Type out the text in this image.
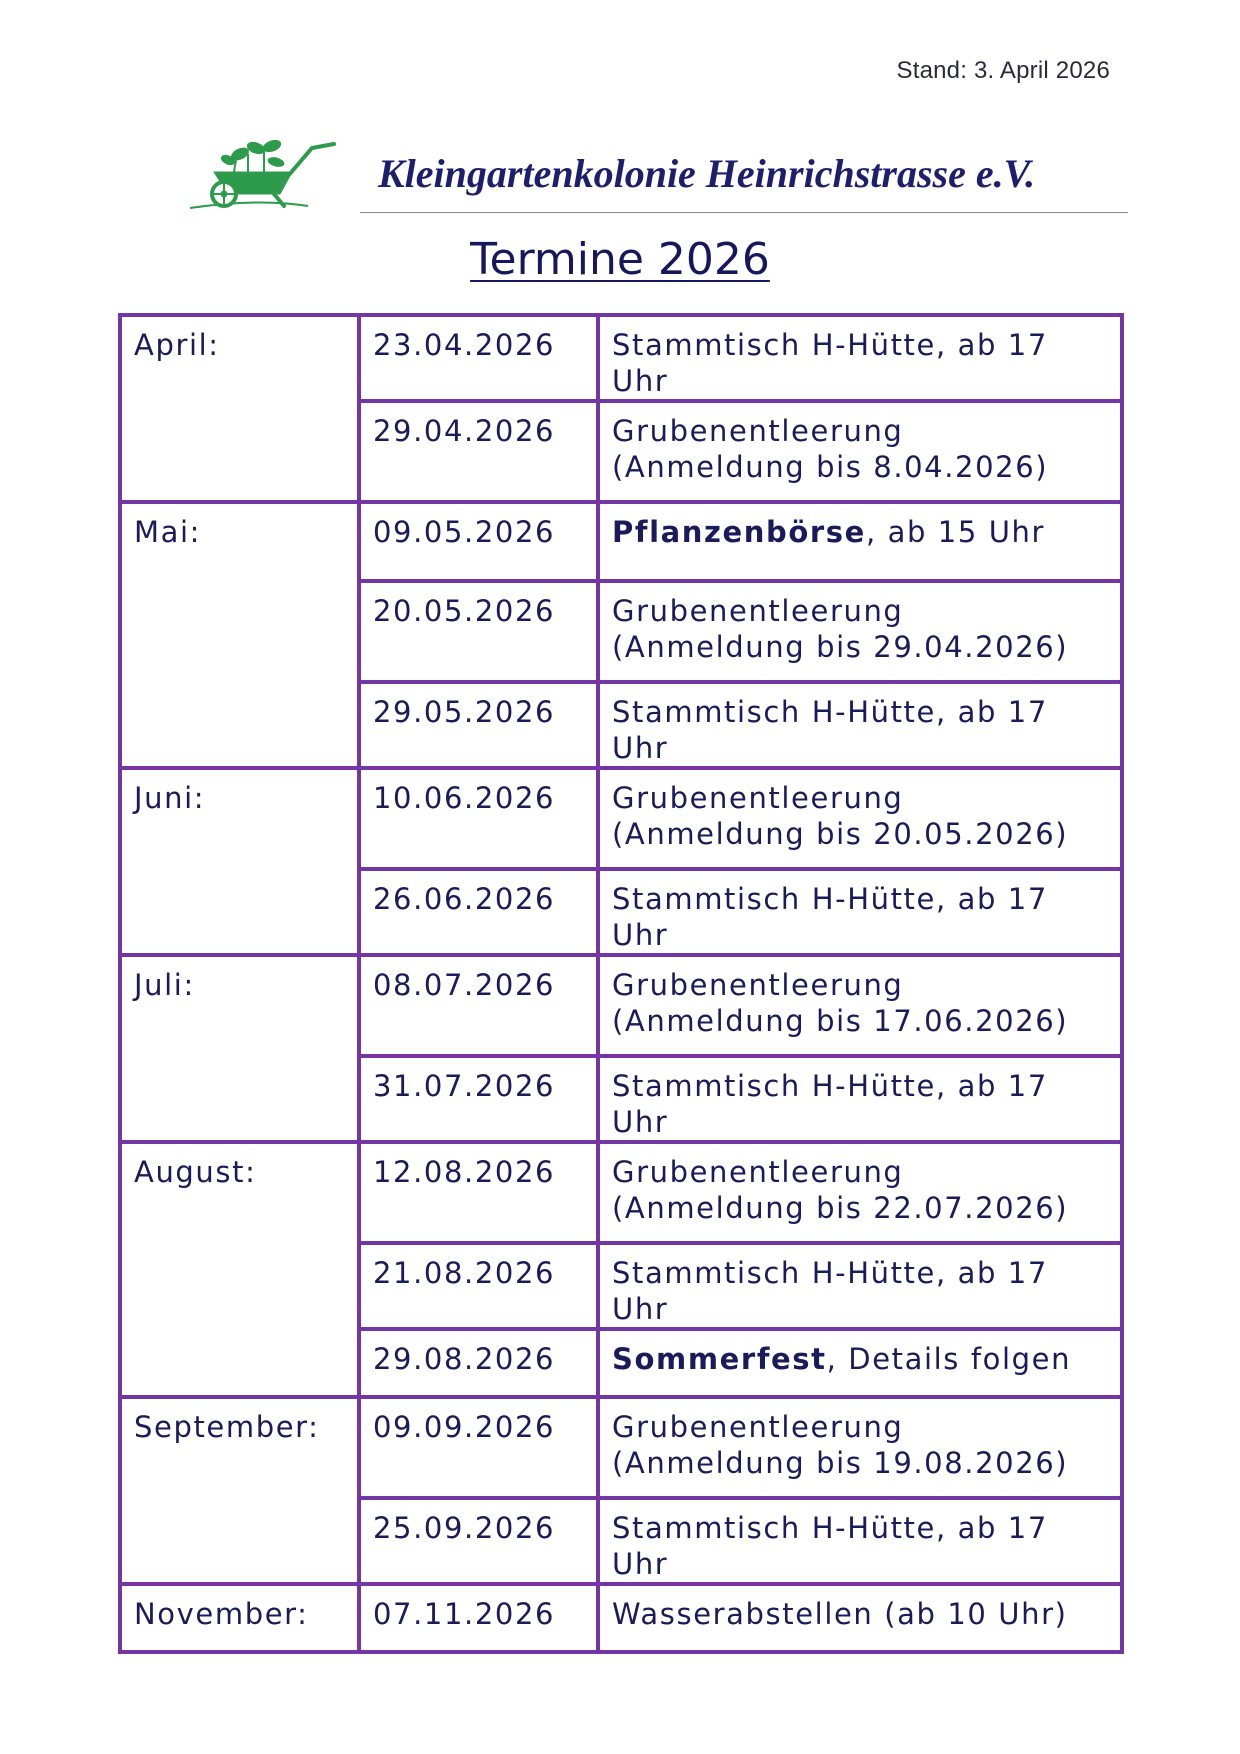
Stand: 3. April 2026
Kleingartenkolonie Heinrichstrasse e.V.
Termine 2026
April:	23.04.2026	Stammtisch H-Hütte, ab 17 Uhr
	29.04.2026	Grubenentleerung
(Anmeldung bis 8.04.2026)

Mai:	09.05.2026	Pflanzenbörse, ab 15 Uhr
	20.05.2026	Grubenentleerung
(Anmeldung bis 29.04.2026)

	29.05.2026	Stammtisch H-Hütte, ab 17 Uhr
Juni:	10.06.2026	Grubenentleerung
(Anmeldung bis 20.05.2026)

	26.06.2026	Stammtisch H-Hütte, ab 17 Uhr
Juli:	08.07.2026	Grubenentleerung
(Anmeldung bis 17.06.2026)

	31.07.2026	Stammtisch H-Hütte, ab 17 Uhr
August:	12.08.2026	Grubenentleerung
(Anmeldung bis 22.07.2026)

	21.08.2026	Stammtisch H-Hütte, ab 17 Uhr
	29.08.2026	Sommerfest, Details folgen
September:	09.09.2026	Grubenentleerung
(Anmeldung bis 19.08.2026)

	25.09.2026	Stammtisch H-Hütte, ab 17 Uhr
November:	07.11.2026	Wasserabstellen (ab 10 Uhr)
